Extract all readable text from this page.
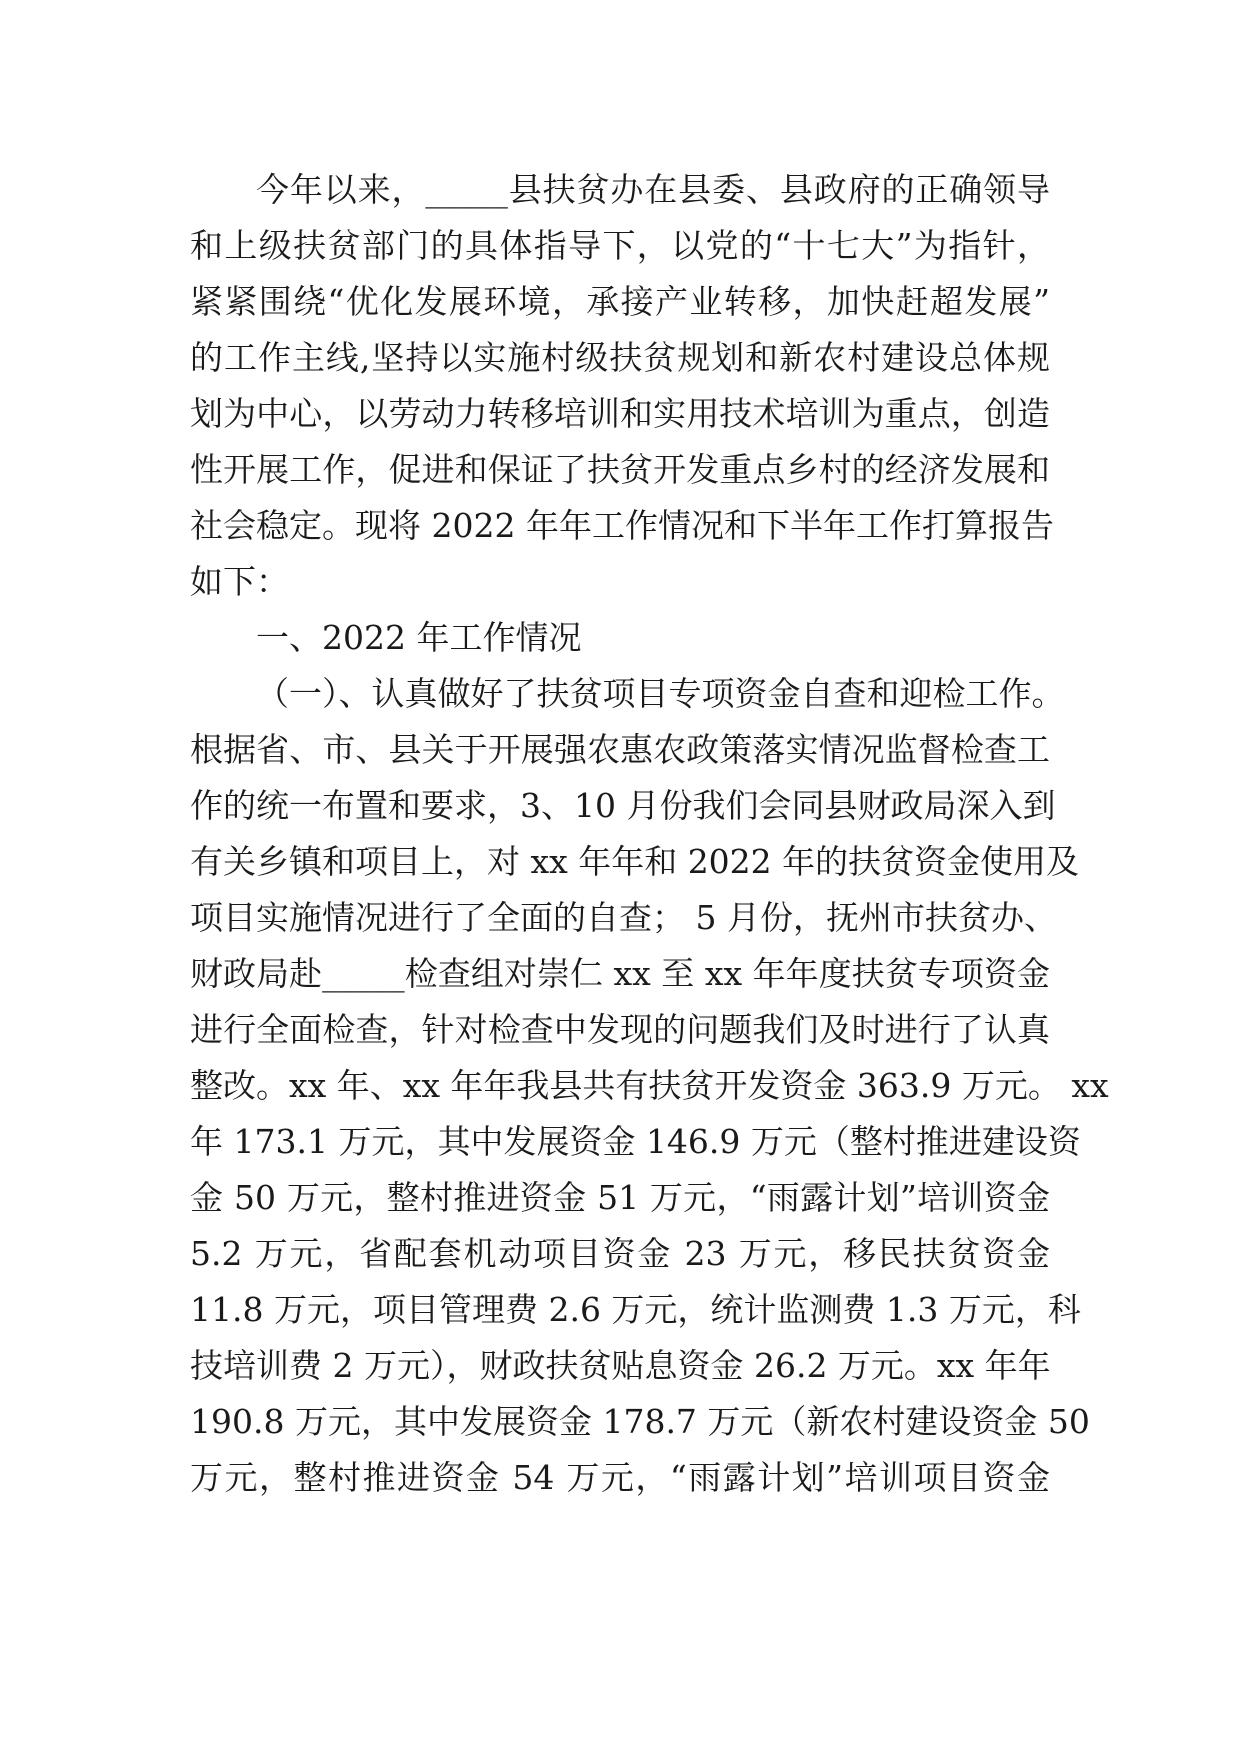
今年以来，_____县扶贫办在县委、县政府的正确领导
和上级扶贫部门的具体指导下，以党的“十七大”为指针，
紧紧围绕“优化发展环境，承接产业转移，加快赶超发展”
的工作主线,坚持以实施村级扶贫规划和新农村建设总体规
划为中心，以劳动力转移培训和实用技术培训为重点，创造
性开展工作，促进和保证了扶贫开发重点乡村的经济发展和
社会稳定。现将 2022 年年工作情况和下半年工作打算报告
如下：
一、2022 年工作情况
（一）、认真做好了扶贫项目专项资金自查和迎检工作。
根据省、市、县关于开展强农惠农政策落实情况监督检查工
作的统一布置和要求，3、10 月份我们会同县财政局深入到
有关乡镇和项目上，对 xx 年年和 2022 年的扶贫资金使用及
项目实施情况进行了全面的自查； 5 月份，抚州市扶贫办、
财政局赴_____检查组对崇仁 xx 至 xx 年年度扶贫专项资金
进行全面检查，针对检查中发现的问题我们及时进行了认真
整改。xx 年、xx 年年我县共有扶贫开发资金 363.9 万元。 xx
年 173.1 万元，其中发展资金 146.9 万元（整村推进建设资
金 50 万元，整村推进资金 51 万元，“雨露计划”培训资金
5.2 万元，省配套机动项目资金 23 万元，移民扶贫资金
11.8 万元，项目管理费 2.6 万元，统计监测费 1.3 万元，科
技培训费 2 万元），财政扶贫贴息资金 26.2 万元。xx 年年
190.8 万元，其中发展资金 178.7 万元（新农村建设资金 50
万元，整村推进资金 54 万元，“雨露计划”培训项目资金
